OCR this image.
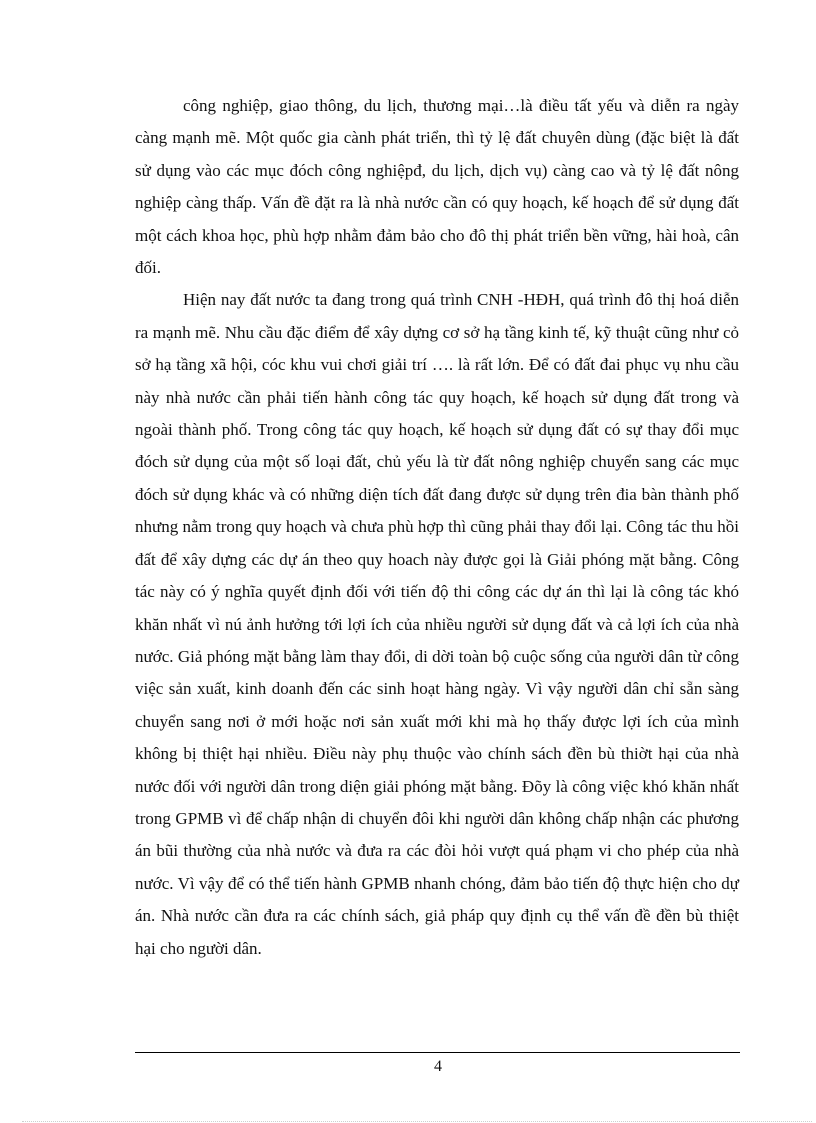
công nghiệp, giao thông, du lịch, thương mại…là điều tất yếu và diễn ra ngày càng mạnh mẽ. Một quốc gia cành phát triển, thì tỷ lệ đất chuyên dùng (đặc biệt là đất sử dụng vào các mục đóch công nghiệpđ, du lịch, dịch vụ) càng cao và tỷ lệ đất nông nghiệp càng thấp. Vấn đề đặt ra là nhà nước cần có quy hoạch, kế hoạch để sử dụng đất một cách khoa học, phù hợp nhằm đảm bảo cho đô thị phát triển bền vững, hài hoà, cân đối.

Hiện nay đất nước ta đang trong quá trình CNH -HĐH, quá trình đô thị hoá diễn ra mạnh mẽ. Nhu cầu đặc điểm để xây dựng cơ sở hạ tầng kinh tế, kỹ thuật cũng như cỏ sở hạ tầng xã hội, cóc khu vui chơi giải trí …. là rất lớn. Để có đất đai phục vụ nhu cầu này nhà nước cần phải tiến hành công tác quy hoạch, kế hoạch sử dụng đất trong và ngoài thành phố. Trong công tác quy hoạch, kế hoạch sử dụng đất có sự thay đổi mục đóch sử dụng của một số loại đất, chủ yếu là từ đất nông nghiệp chuyển sang các mục đóch sử dụng khác và có những diện tích đất đang được sử dụng trên đia bàn thành phố nhưng nằm trong quy hoạch và chưa phù hợp thì cũng phải thay đổi lại. Công tác thu hồi đất để xây dựng các dự án theo quy hoach này được gọi là Giải phóng mặt bằng. Công tác này có ý nghĩa quyết định đối với tiến độ thi công các dự án thì lại là công tác khó khăn nhất vì nú ảnh hưởng tới lợi ích của nhiều người sử dụng đất và cả lợi ích của nhà nước. Giả phóng mặt bằng làm thay đổi, di dời toàn bộ cuộc sống của người dân từ công việc sản xuất, kinh doanh đến các sinh hoạt hàng ngày. Vì vậy người dân chỉ sẵn sàng chuyển sang nơi ở mới hoặc nơi sản xuất mới khi mà họ thấy được lợi ích của mình không bị thiệt hại nhiều. Điều này phụ thuộc vào chính sách đền bù thiờt hại của nhà nước đối với người dân trong diện giải phóng mặt bằng. Đõy là công việc khó khăn nhất trong GPMB vì để chấp nhận di chuyển đôi khi người dân không chấp nhận các phương án bũi thường của nhà nước và đưa ra các đòi hỏi vượt quá phạm vi cho phép của nhà nước. Vì vậy để có thể tiến hành GPMB nhanh chóng, đảm bảo tiến độ thực hiện cho dự án. Nhà nước cần đưa ra các chính sách, giả pháp quy định cụ thể vấn đề đền bù thiệt hại cho người dân.

4
